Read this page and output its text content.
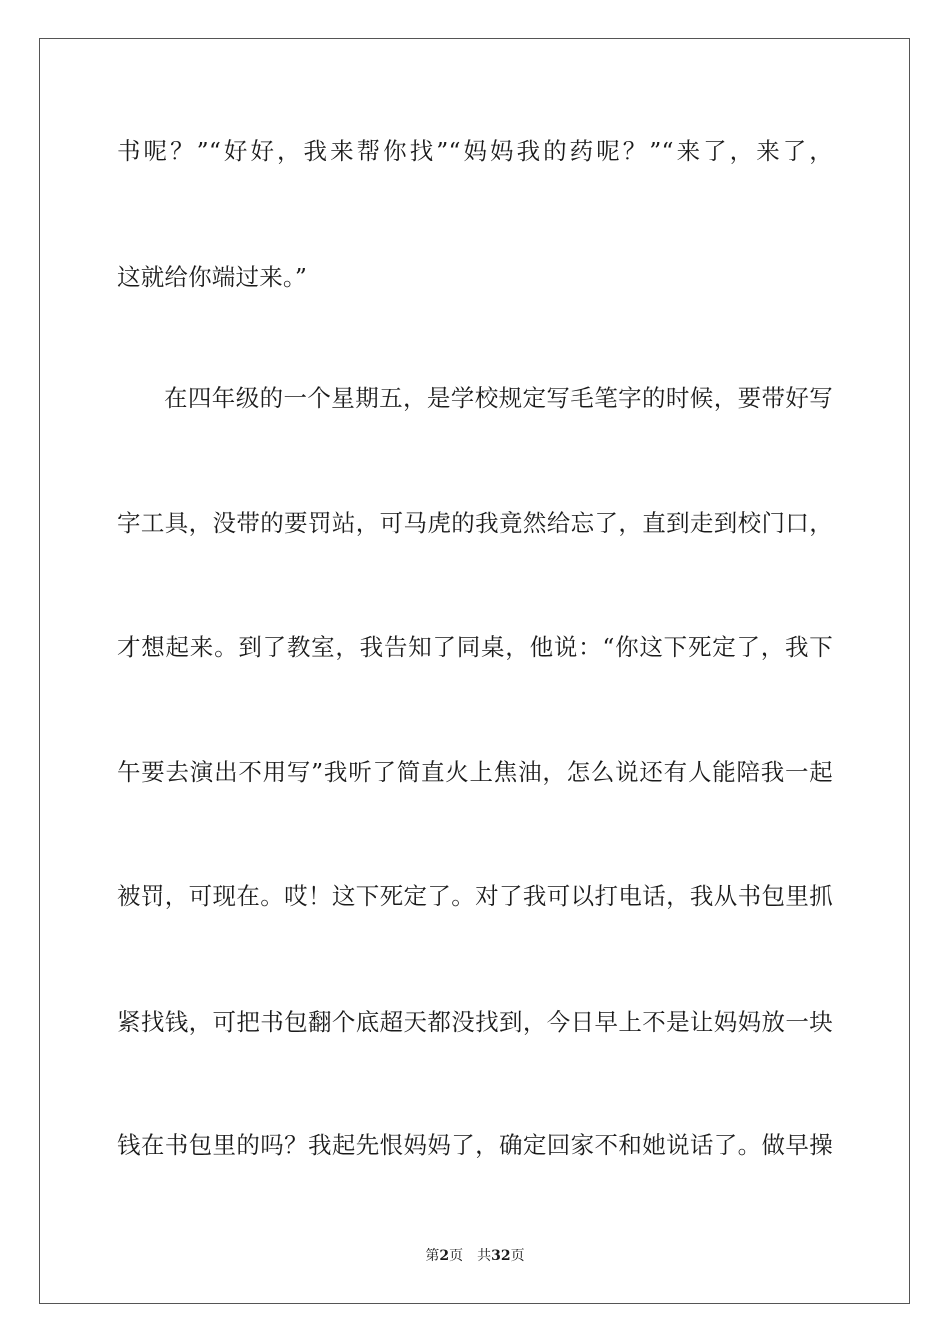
书呢？”“好好，我来帮你找”“妈妈我的药呢？”“来了，来了，
这就给你端过来。”
在四年级的一个星期五，是学校规定写毛笔字的时候，要带好写
字工具，没带的要罚站，可马虎的我竟然给忘了，直到走到校门口，
才想起来。到了教室，我告知了同桌，他说：“你这下死定了，我下
午要去演出不用写”我听了简直火上焦油，怎么说还有人能陪我一起
被罚，可现在。哎！这下死定了。对了我可以打电话，我从书包里抓
紧找钱，可把书包翻个底超天都没找到，今日早上不是让妈妈放一块
钱在书包里的吗？我起先恨妈妈了，确定回家不和她说话了。做早操
第2页 共32页
